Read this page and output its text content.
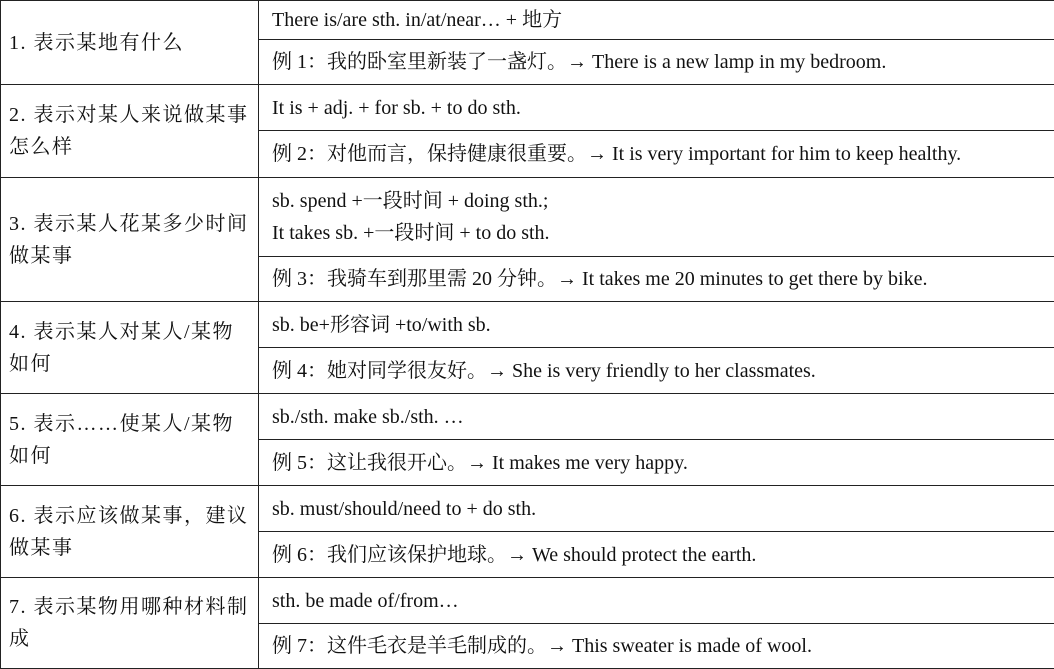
1. 表示某地有什么	There is/are sth. in/at/near… + 地方

	例 1：我的卧室里新装了一盏灯。→ There is a new lamp in my bedroom.
2. 表示对某人来说做某事怎么样	It is + adj. + for sb. + to do sth.

	例 2：对他而言，保持健康很重要。→ It is very important for him to keep healthy.
3. 表示某人花某多少时间做某事	sb. spend +一段时间 + doing sth.;
It takes sb. +一段时间 + to do sth.

	例 3：我骑车到那里需 20 分钟。→ It takes me 20 minutes to get there by bike.
4. 表示某人对某人/某物如何	sb. be+形容词 +to/with sb.

	例 4：她对同学很友好。→ She is very friendly to her classmates.
5. 表示……使某人/某物如何	sb./sth. make sb./sth. …

	例 5：这让我很开心。→ It makes me very happy.
6. 表示应该做某事，建议做某事	sb. must/should/need to + do sth.

	例 6：我们应该保护地球。→ We should protect the earth.
7. 表示某物用哪种材料制成	sth. be made of/from…

	例 7：这件毛衣是羊毛制成的。→ This sweater is made of wool.
